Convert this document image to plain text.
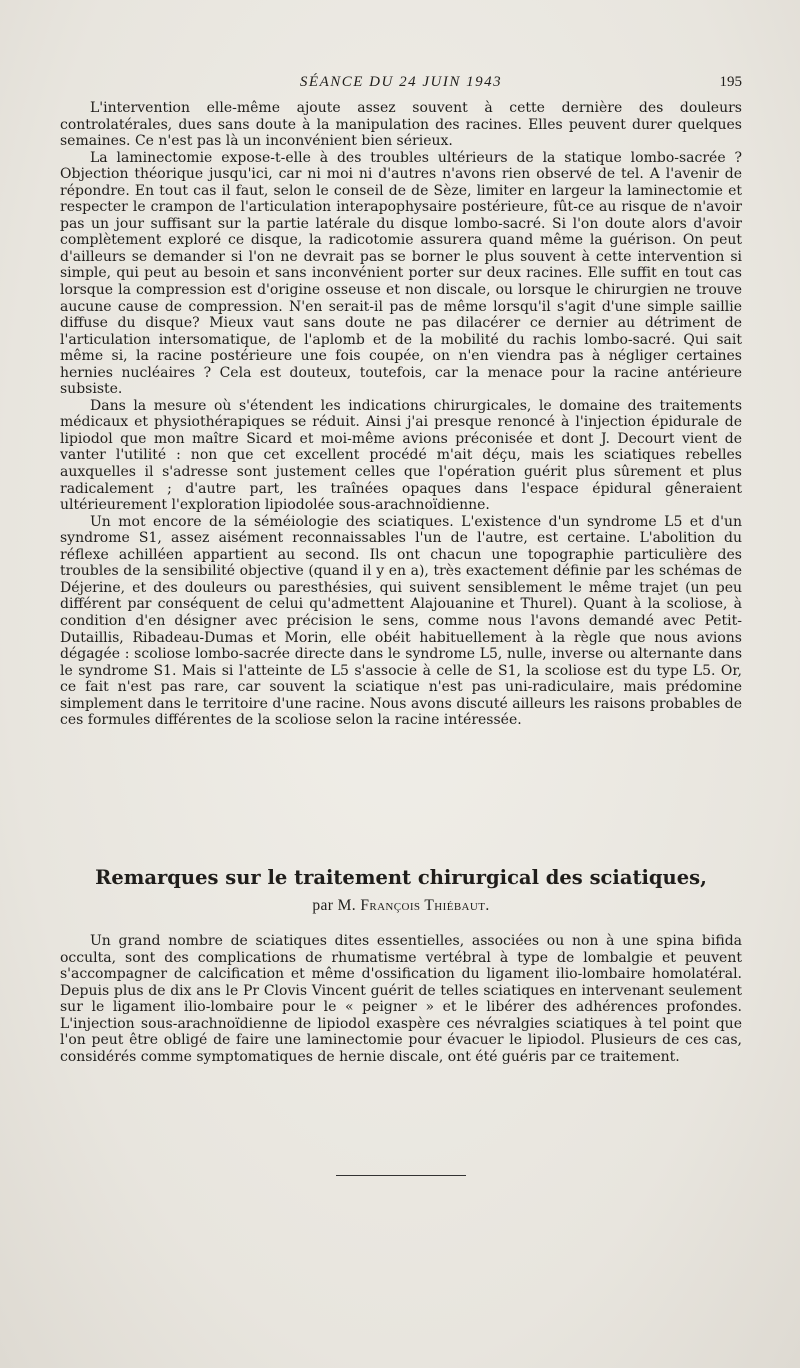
SÉANCE DU 24 JUIN 1943	195

L'intervention elle-même ajoute assez souvent à cette dernière des douleurs controlatérales, dues sans doute à la manipulation des racines. Elles peuvent durer quelques semaines. Ce n'est pas là un inconvénient bien sérieux.

La laminectomie expose-t-elle à des troubles ultérieurs de la statique lombo-sacrée ? Objection théorique jusqu'ici, car ni moi ni d'autres n'avons rien observé de tel. A l'avenir de répondre. En tout cas il faut, selon le conseil de de Sèze, limiter en largeur la laminectomie et respecter le crampon de l'articulation interapophysaire postérieure, fût-ce au risque de n'avoir pas un jour suffisant sur la partie latérale du disque lombo-sacré. Si l'on doute alors d'avoir complètement exploré ce disque, la radicotomie assurera quand même la guérison. On peut d'ailleurs se demander si l'on ne devrait pas se borner le plus souvent à cette intervention si simple, qui peut au besoin et sans inconvénient porter sur deux racines. Elle suffit en tout cas lorsque la compression est d'origine osseuse et non discale, ou lorsque le chirurgien ne trouve aucune cause de compression. N'en serait-il pas de même lorsqu'il s'agit d'une simple saillie diffuse du disque? Mieux vaut sans doute ne pas dilacérer ce dernier au détriment de l'articulation intersomatique, de l'aplomb et de la mobilité du rachis lombo-sacré. Qui sait même si, la racine postérieure une fois coupée, on n'en viendra pas à négliger certaines hernies nucléaires ? Cela est douteux, toutefois, car la menace pour la racine antérieure subsiste.

Dans la mesure où s'étendent les indications chirurgicales, le domaine des traitements médicaux et physiothérapiques se réduit. Ainsi j'ai presque renoncé à l'injection épidurale de lipiodol que mon maître Sicard et moi-même avions préconisée et dont J. Decourt vient de vanter l'utilité : non que cet excellent procédé m'ait déçu, mais les sciatiques rebelles auxquelles il s'adresse sont justement celles que l'opération guérit plus sûrement et plus radicalement ; d'autre part, les traînées opaques dans l'espace épidural gêneraient ultérieurement l'exploration lipiodolée sous-arachnoïdienne.

Un mot encore de la séméiologie des sciatiques. L'existence d'un syndrome L5 et d'un syndrome S1, assez aisément reconnaissables l'un de l'autre, est certaine. L'abolition du réflexe achilléen appartient au second. Ils ont chacun une topographie particulière des troubles de la sensibilité objective (quand il y en a), très exactement définie par les schémas de Déjerine, et des douleurs ou paresthésies, qui suivent sensiblement le même trajet (un peu différent par conséquent de celui qu'admettent Alajouanine et Thurel). Quant à la scoliose, à condition d'en désigner avec précision le sens, comme nous l'avons demandé avec Petit-Dutaillis, Ribadeau-Dumas et Morin, elle obéit habituellement à la règle que nous avions dégagée : scoliose lombo-sacrée directe dans le syndrome L5, nulle, inverse ou alternante dans le syndrome S1. Mais si l'atteinte de L5 s'associe à celle de S1, la scoliose est du type L5. Or, ce fait n'est pas rare, car souvent la sciatique n'est pas uni-radiculaire, mais prédomine simplement dans le territoire d'une racine. Nous avons discuté ailleurs les raisons probables de ces formules différentes de la scoliose selon la racine intéressée.

Remarques sur le traitement chirurgical des sciatiques,
par M. François Thiébaut.

Un grand nombre de sciatiques dites essentielles, associées ou non à une spina bifida occulta, sont des complications de rhumatisme vertébral à type de lombalgie et peuvent s'accompagner de calcification et même d'ossification du ligament ilio-lombaire homolatéral. Depuis plus de dix ans le Pr Clovis Vincent guérit de telles sciatiques en intervenant seulement sur le ligament ilio-lombaire pour le « peigner » et le libérer des adhérences profondes. L'injection sous-arachnoïdienne de lipiodol exaspère ces névralgies sciatiques à tel point que l'on peut être obligé de faire une laminectomie pour évacuer le lipiodol. Plusieurs de ces cas, considérés comme symptomatiques de hernie discale, ont été guéris par ce traitement.
